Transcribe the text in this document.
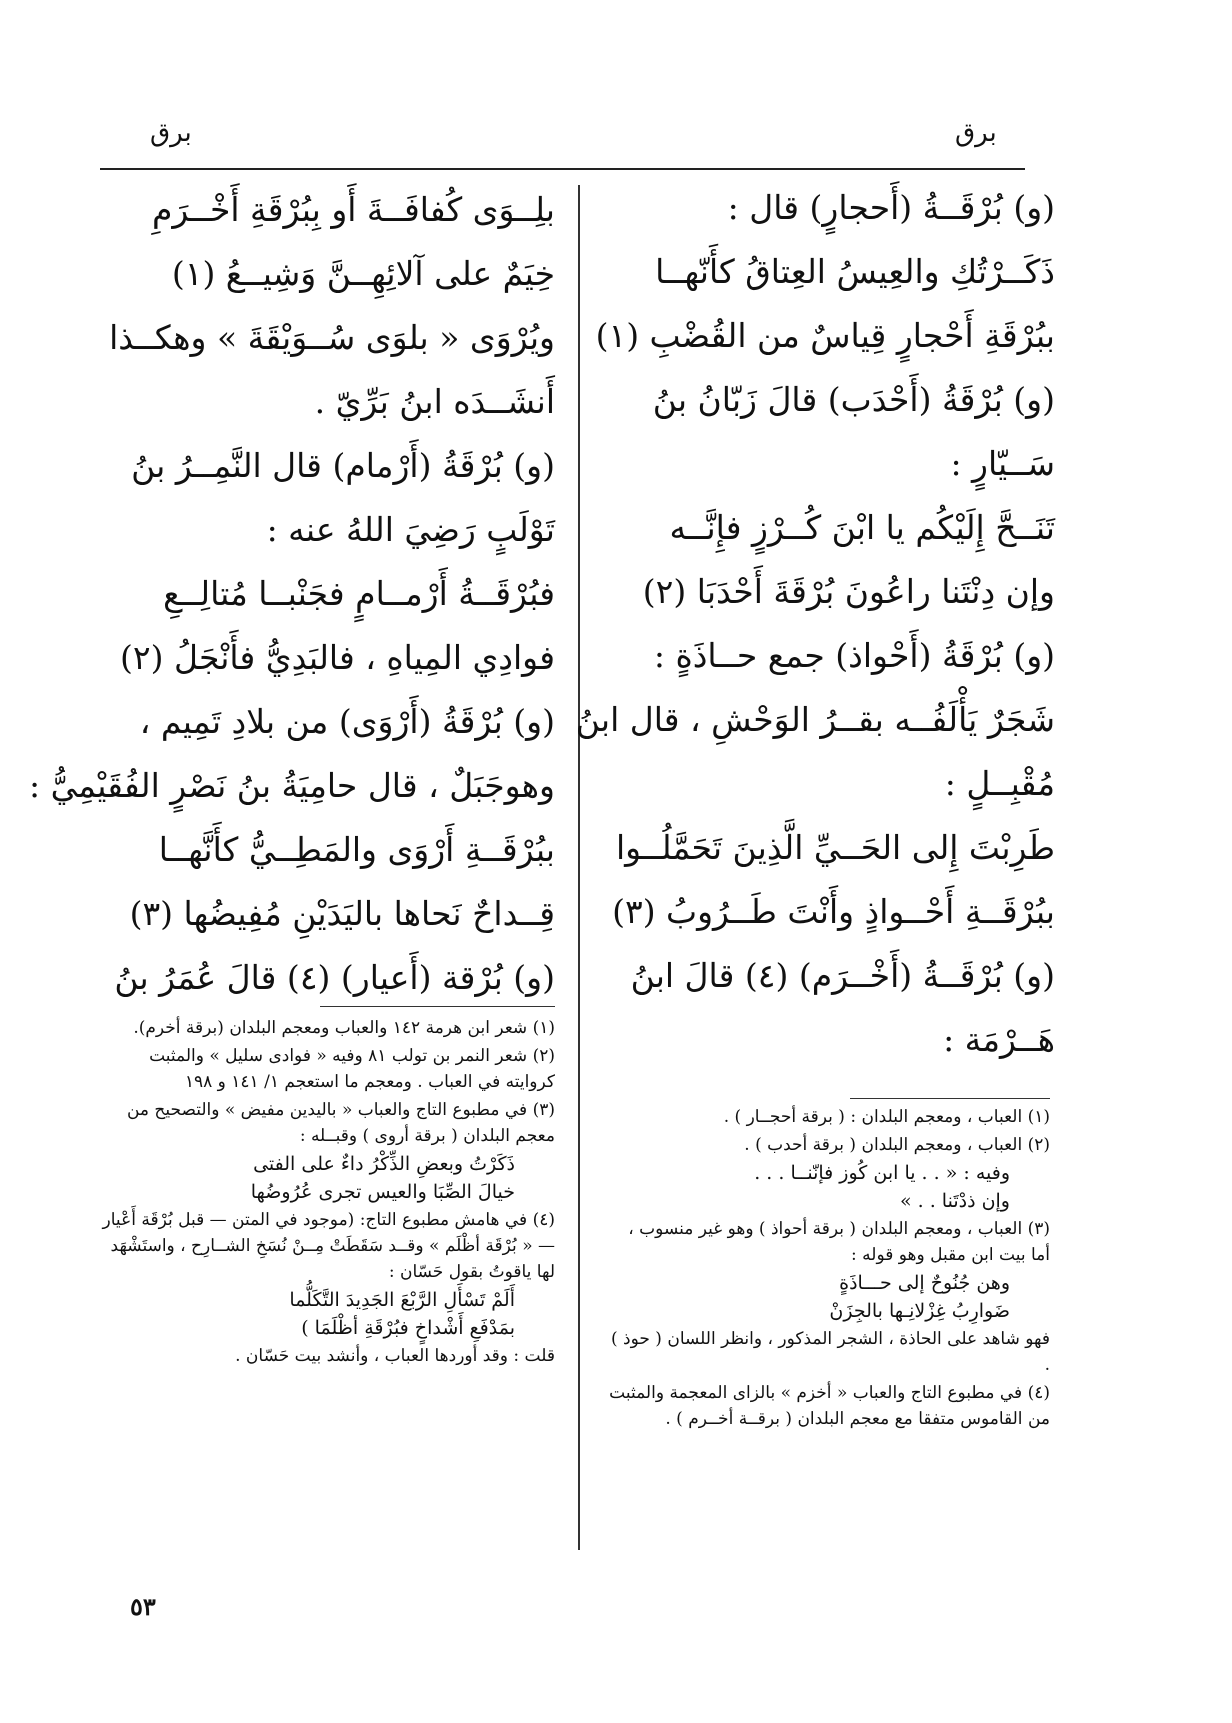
برق
برق
(و) بُرْقَــةُ (أَحجارٍ) قال :
ذَكَــرْتُكِ والعِيسُ العِتاقُ كأَنّهــا
ببُرْقَةِ أَحْجارٍ قِياسٌ من القُضْبِ (١)
(و) بُرْقَةُ (أَحْدَب) قالَ زَبّانُ بنُ
سَــيّارٍ :
تَنَــحَّ إِلَيْكُم يا ابْنَ كُــرْزٍ فإِنَّــه
وإن دِنْتَنا راعُونَ بُرْقَةَ أَحْدَبَا (٢)
(و) بُرْقَةُ (أَحْواذ) جمع حــاذَةٍ :
شَجَرٌ يَأْلَفُــه بقــرُ الوَحْشِ ، قال ابنُ
مُقْبِــلٍ :
طَرِبْتَ إِلى الحَــيِّ الَّذِينَ تَحَمَّلُــوا
ببُرْقَــةِ أَحْــواذٍ وأَنْتَ طَــرُوبُ (٣)
(و) بُرْقَــةُ (أَخْــرَم) (٤) قالَ ابنُ
هَــرْمَة :
بلِــوَى كُفافَــةَ أَو بِبُرْقَةِ أَخْــرَمِ
خِيَمٌ على آلائِهِــنَّ وَشِيــعُ (١)
ويُرْوَى « بلوَى سُــوَيْقَةَ » وهكــذا
أَنشَــدَه ابنُ بَرِّيّ .
(و) بُرْقَةُ (أَرْمام) قال النَّمِــرُ بنُ
تَوْلَبٍ رَضِيَ اللهُ عنه :
فبُرْقَــةُ أَرْمــامٍ فجَنْبــا مُتالِــعِ
فوادِي المِياهِ ، فالبَدِيُّ فأَنْجَلُ (٢)
(و) بُرْقَةُ (أَرْوَى) من بلادِ تَمِيم ،
وهوجَبَلٌ ، قال حامِيَةُ بنُ نَصْرٍ الفُقَيْمِيُّ :
ببُرْقَــةِ أَرْوَى والمَطِــيُّ كأَنَّهــا
قِــداحٌ نَحاها باليَدَيْنِ مُفِيضُها (٣)
(و) بُرْقة (أَعيار) (٤) قالَ عُمَرُ بنُ
(١) شعر ابن هرمة ١٤٢ والعباب ومعجم البلدان (برقة أخرم).
(٢) شعر النمر بن تولب ٨١ وفيه « فوادى سليل » والمثبت كروايته في العباب . ومعجم ما استعجم ١/ ١٤١ و ١٩٨
(٣) في مطبوع التاج والعباب « باليدين مفيض » والتصحيح من معجم البلدان ( برقة أروى ) وقبــله :
ذَكَرْتُ وبعضِ الذِّكْرُ داءٌ على الفتى
خيالَ الصِّبَا والعيس تجرى عُرُوضُها
(٤) في هامش مطبوع التاج: (موجود في المتن — قبل بُرْقَة أَعْيار — « بُرْقَة أظْلَم » وقــد سَقَطَتْ مِــنْ نُسَخِ الشــارِح ، واستَشْهَد لها ياقوتُ بقول حَسّان :
أَلَمْ تَسْأَلِ الرَّبْعَ الجَدِيدَ التَّكَلُّما
بمَدْفَعِ أَشْداخٍ فبُرْقَةِ أظْلَمَا )
قلت : وقد أوردها العباب ، وأنشد بيت حَسّان .
(١) العباب ، ومعجم البلدان : ( برقة أحجــار ) .
(٢) العباب ، ومعجم البلدان ( برقة أحدب ) .
وفيه : « . . يا ابن كُوز فإنّنــا . . .
وإن ذدْتَنا . . »
(٣) العباب ، ومعجم البلدان ( برقة أحواذ ) وهو غير منسوب ، أما بيت ابن مقبل وهو قوله :
وهن جُنُوحٌ إلى حـــاذَةٍ
ضَوارِبُ غِزْلانِـها بالجِزَنْ
فهو شاهد على الحاذة ، الشجر المذكور ، وانظر اللسان ( حوذ ) .
(٤) في مطبوع التاج والعباب « أخزم » بالزاى المعجمة والمثبت من القاموس متفقا مع معجم البلدان ( برقــة أخــرم ) .
٥٣
